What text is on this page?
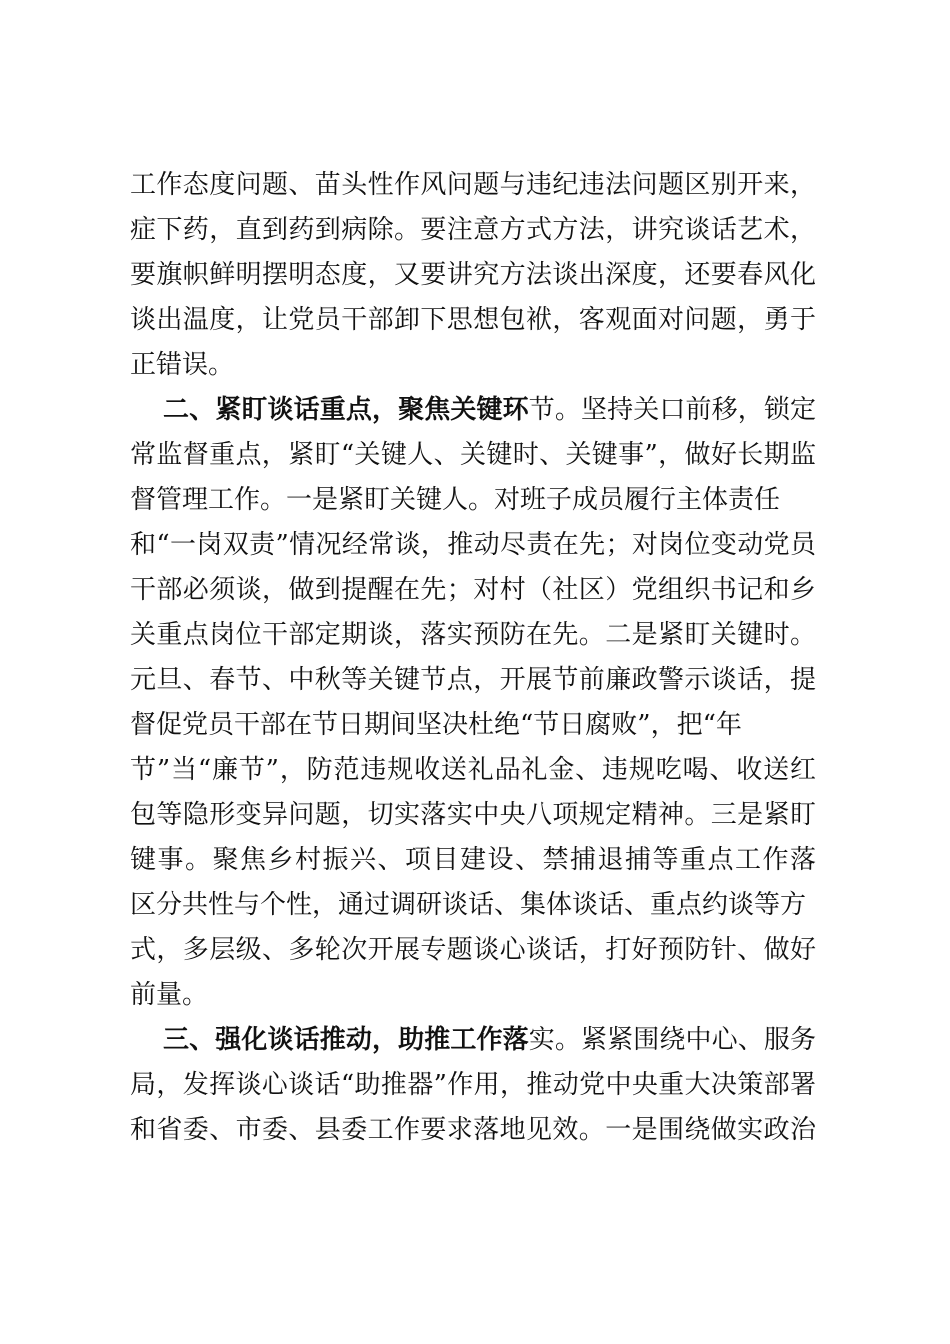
工作态度问题、苗头性作风问题与违纪违法问题区别开来，
症下药，直到药到病除。要注意方式方法，讲究谈话艺术，
要旗帜鲜明摆明态度，又要讲究方法谈出深度，还要春风化
谈出温度，让党员干部卸下思想包袱，客观面对问题，勇于
正错误。
二、紧盯谈话重点，聚焦关键环节。坚持关口前移，锁定
常监督重点，紧盯“关键人、关键时、关键事”，做好长期监
督管理工作。一是紧盯关键人。对班子成员履行主体责任
和“一岗双责”情况经常谈，推动尽责在先；对岗位变动党员
干部必须谈，做到提醒在先；对村（社区）党组织书记和乡
关重点岗位干部定期谈，落实预防在先。二是紧盯关键时。
元旦、春节、中秋等关键节点，开展节前廉政警示谈话，提
督促党员干部在节日期间坚决杜绝“节日腐败”，把“年
节”当“廉节”，防范违规收送礼品礼金、违规吃喝、收送红
包等隐形变异问题，切实落实中央八项规定精神。三是紧盯
键事。聚焦乡村振兴、项目建设、禁捕退捕等重点工作落
区分共性与个性，通过调研谈话、集体谈话、重点约谈等方
式，多层级、多轮次开展专题谈心谈话，打好预防针、做好
前量。
三、强化谈话推动，助推工作落实。紧紧围绕中心、服务
局，发挥谈心谈话“助推器”作用，推动党中央重大决策部署
和省委、市委、县委工作要求落地见效。一是围绕做实政治
